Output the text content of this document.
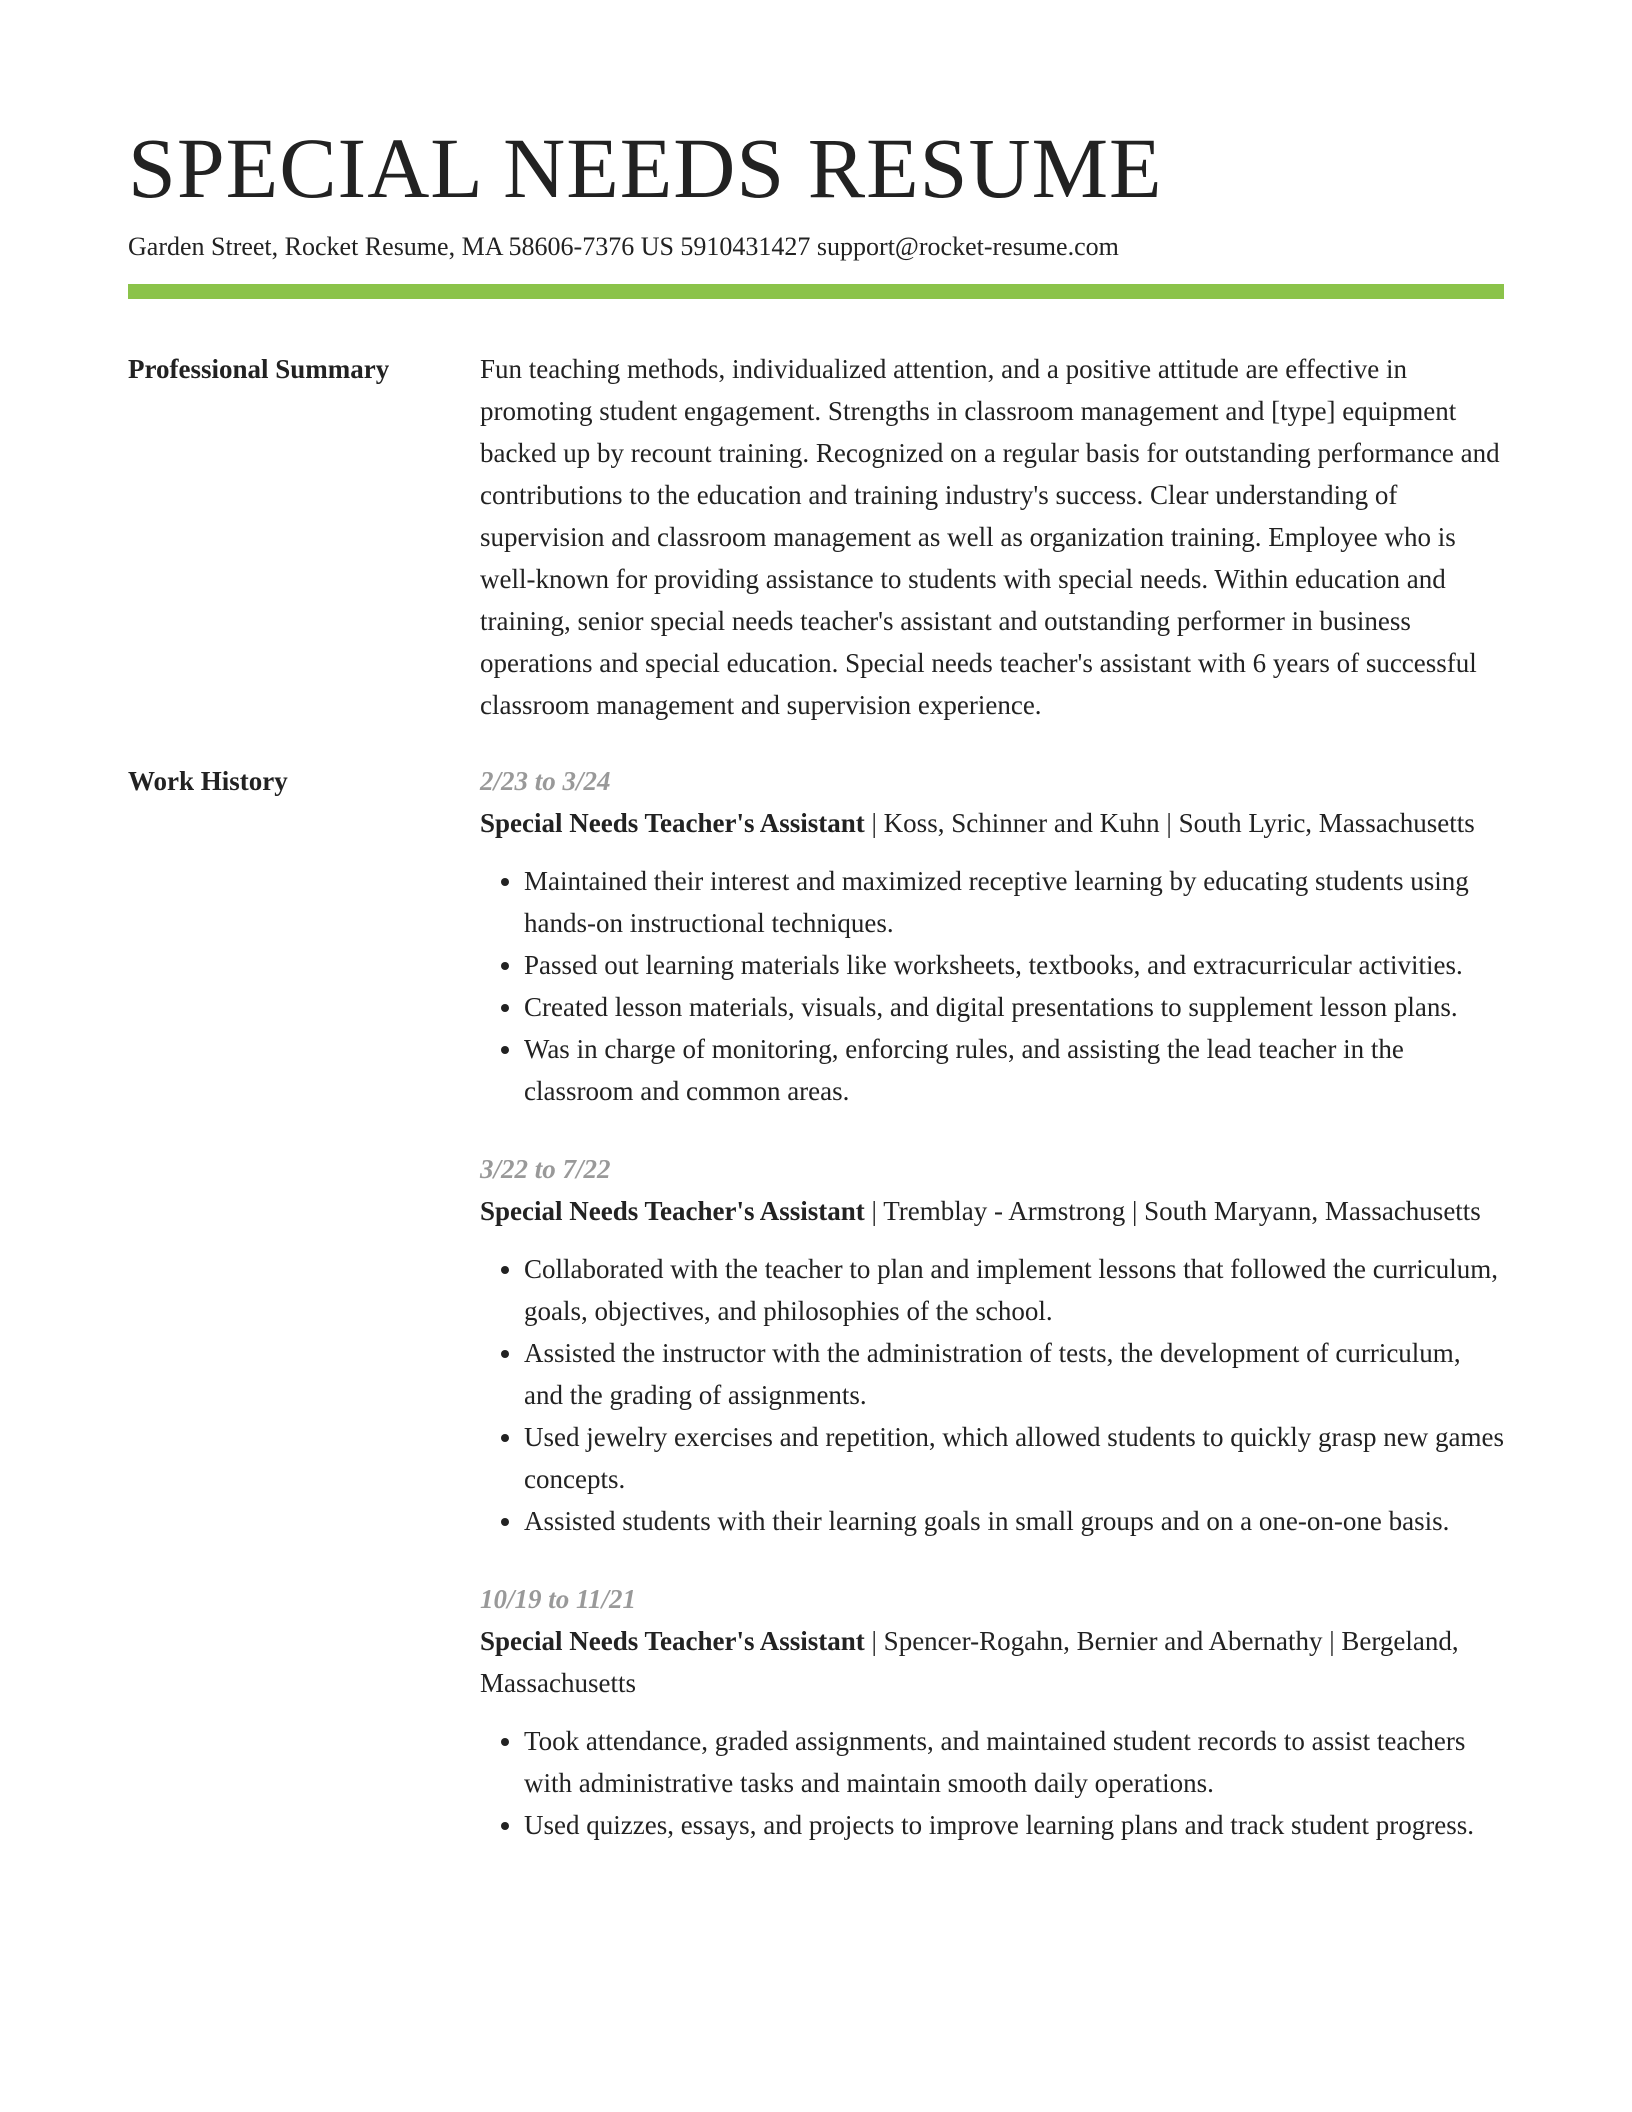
SPECIAL NEEDS RESUME
Garden Street, Rocket Resume, MA 58606-7376 US 5910431427 support@rocket-resume.com
Professional Summary	Fun teaching methods, individualized attention, and a positive attitude are effective in promoting student engagement. Strengths in classroom management and [type] equipment backed up by recount training. Recognized on a regular basis for outstanding performance and contributions to the education and training industry's success. Clear understanding of supervision and classroom management as well as organization training. Employee who is well-known for providing assistance to students with special needs. Within education and training, senior special needs teacher's assistant and outstanding performer in business operations and special education. Special needs teacher's assistant with 6 years of successful classroom management and supervision experience.
Work History	2/23 to 3/24
Special Needs Teacher's Assistant | Koss, Schinner and Kuhn | South Lyric, Massachusetts
• Maintained their interest and maximized receptive learning by educating students using hands-on instructional techniques.
• Passed out learning materials like worksheets, textbooks, and extracurricular activities.
• Created lesson materials, visuals, and digital presentations to supplement lesson plans.
• Was in charge of monitoring, enforcing rules, and assisting the lead teacher in the classroom and common areas.
3/22 to 7/22
Special Needs Teacher's Assistant | Tremblay - Armstrong | South Maryann, Massachusetts
• Collaborated with the teacher to plan and implement lessons that followed the curriculum, goals, objectives, and philosophies of the school.
• Assisted the instructor with the administration of tests, the development of curriculum, and the grading of assignments.
• Used jewelry exercises and repetition, which allowed students to quickly grasp new games concepts.
• Assisted students with their learning goals in small groups and on a one-on-one basis.
10/19 to 11/21
Special Needs Teacher's Assistant | Spencer-Rogahn, Bernier and Abernathy | Bergeland, Massachusetts
• Took attendance, graded assignments, and maintained student records to assist teachers with administrative tasks and maintain smooth daily operations.
• Used quizzes, essays, and projects to improve learning plans and track student progress.
